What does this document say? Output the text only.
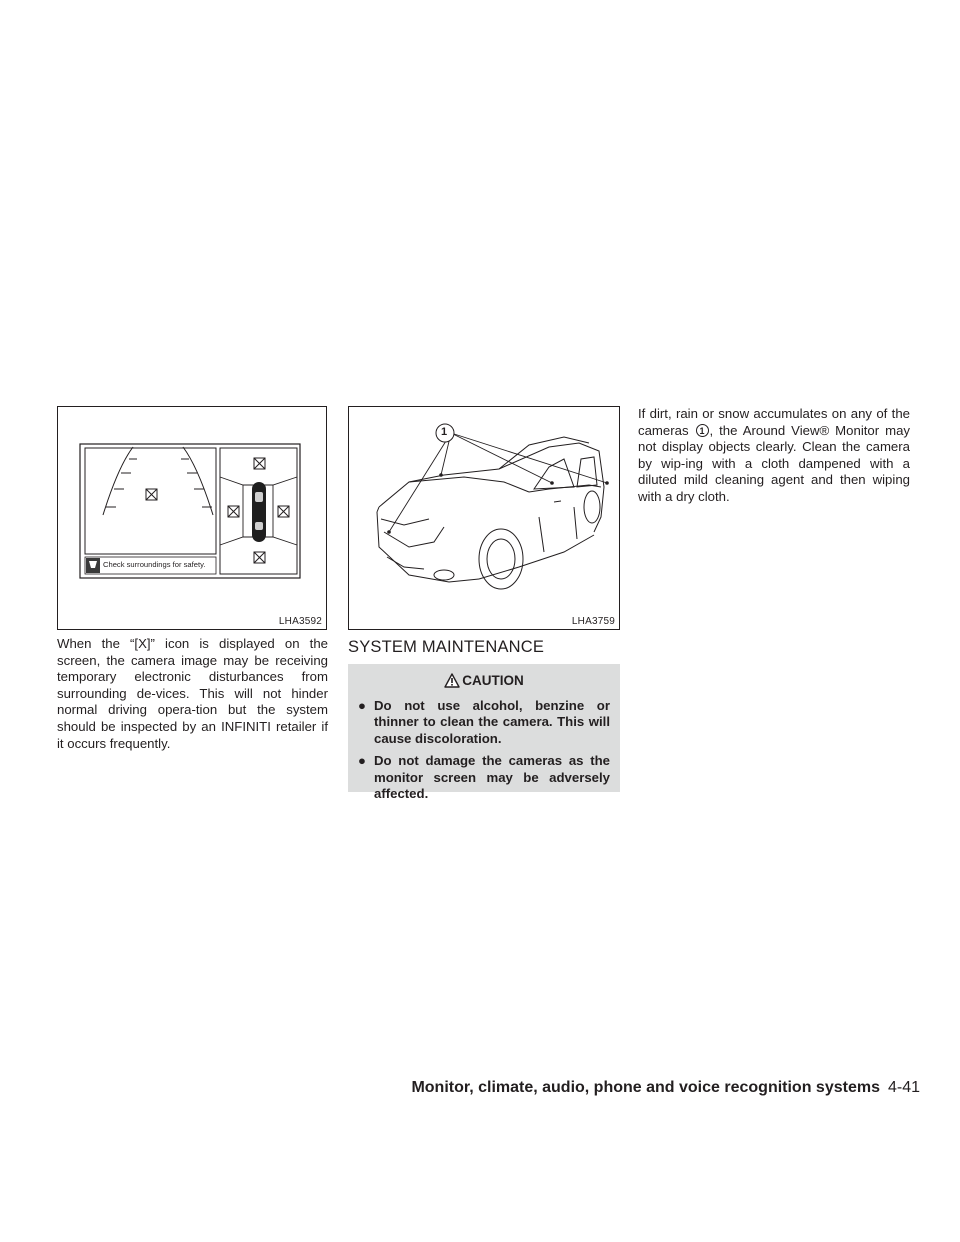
Check surroundings for safety.
LHA3592
1
LHA3759

When the “[X]” icon is displayed on the screen, the camera image may be receiving temporary electronic disturbances from surrounding de-vices. This will not hinder normal driving opera-tion but the system should be inspected by an INFINITI retailer if it occurs frequently.

SYSTEM MAINTENANCE
CAUTION
● Do not use alcohol, benzine or thinner to clean the camera. This will cause discoloration.
● Do not damage the cameras as the monitor screen may be adversely affected.

If dirt, rain or snow accumulates on any of the cameras 1 , the Around View® Monitor may not display objects clearly. Clean the camera by wip-ing with a cloth dampened with a diluted mild cleaning agent and then wiping with a dry cloth.

Monitor, climate, audio, phone and voice recognition systems 4-41
